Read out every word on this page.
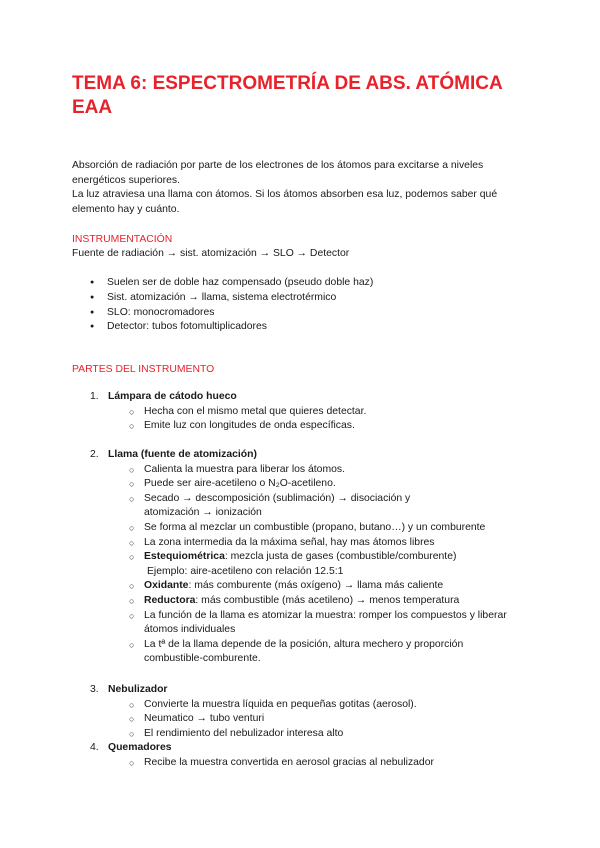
TEMA 6: ESPECTROMETRÍA DE ABS. ATÓMICA EAA

Absorción de radiación por parte de los electrones de los átomos para excitarse a niveles energéticos superiores.

La luz atraviesa una llama con átomos. Si los átomos absorben esa luz, podemos saber qué elemento hay y cuánto.

INSTRUMENTACIÓN

Fuente de radiación → sist. atomización → SLO → Detector

● Suelen ser de doble haz compensado (pseudo doble haz)
● Sist. atomización → llama, sistema electrotérmico
● SLO: monocromadores
● Detector: tubos fotomultiplicadores

PARTES DEL INSTRUMENTO

1. Lámpara de cátodo hueco
○ Hecha con el mismo metal que quieres detectar.
○ Emite luz con longitudes de onda específicas.
2. Llama (fuente de atomización)
○ Calienta la muestra para liberar los átomos.
○ Puede ser aire-acetileno o N₂O-acetileno.
○ Secado → descomposición (sublimación) → disociación y atomización → ionización
○ Se forma al mezclar un combustible (propano, butano…) y un comburente
○ La zona intermedia da la máxima señal, hay mas átomos libres
○ Estequiométrica: mezcla justa de gases (combustible/comburente)
Ejemplo: aire-acetileno con relación 12.5:1
○ Oxidante: más comburente (más oxígeno) → llama más caliente
○ Reductora: más combustible (más acetileno) → menos temperatura
○ La función de la llama es atomizar la muestra: romper los compuestos y liberar átomos individuales
○ La tª de la llama depende de la posición, altura mechero y proporción combustible-comburente.
3. Nebulizador
○ Convierte la muestra líquida en pequeñas gotitas (aerosol).
○ Neumatico → tubo venturi
○ El rendimiento del nebulizador interesa alto
4. Quemadores
○ Recibe la muestra convertida en aerosol gracias al nebulizador
